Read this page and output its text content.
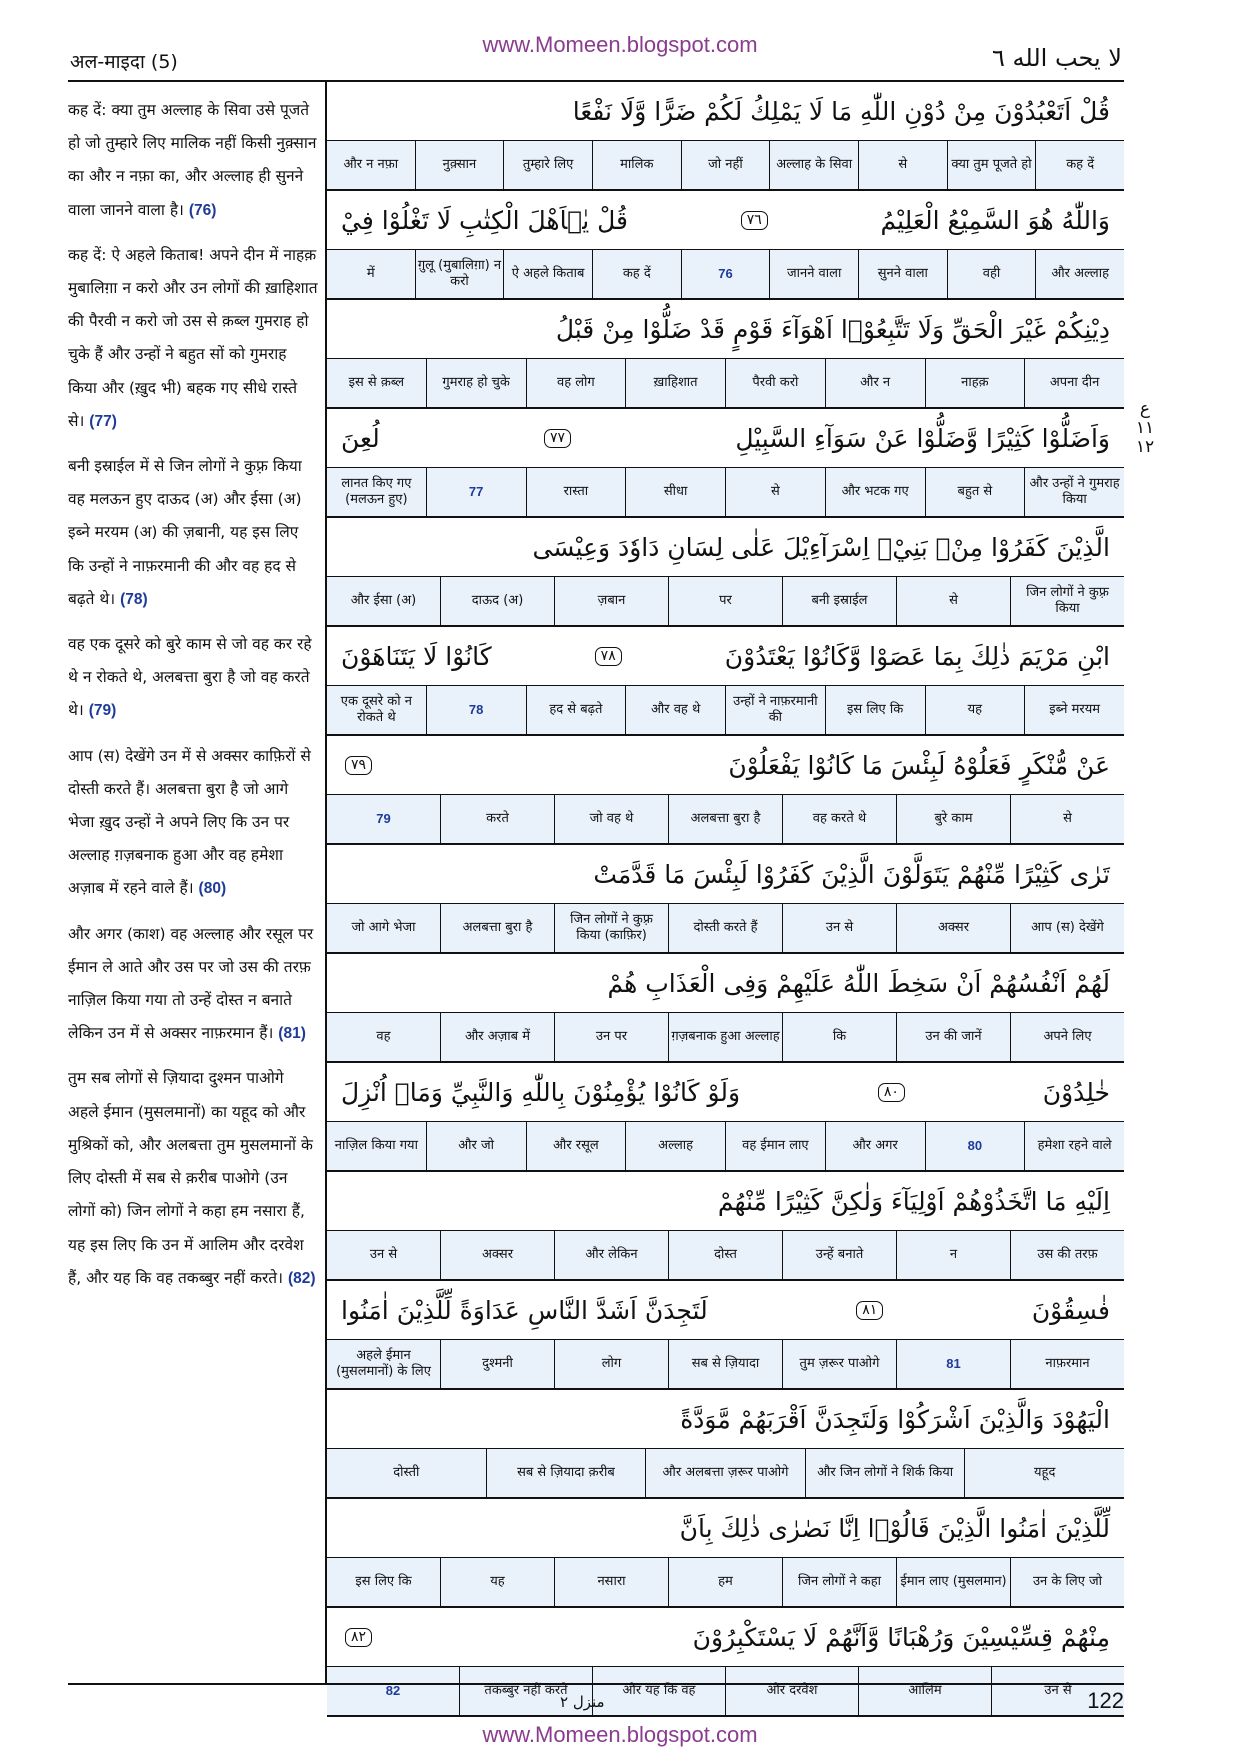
www.Momeen.blogspot.com
अल-माइदा (5)	لا يحب الله ٦

कह दें: क्या तुम अल्लाह के सिवा उसे पूजते हो जो तुम्हारे लिए मालिक नहीं किसी नुक़्सान का और न नफ़ा का, और अल्लाह ही सुनने वाला जानने वाला है। (76)

कह दें: ऐ अहले किताब! अपने दीन में नाहक़ मुबालिग़ा न करो और उन लोगों की ख़ाहिशात की पैरवी न करो जो उस से क़ब्ल गुमराह हो चुके हैं और उन्हों ने बहुत सों को गुमराह किया और (ख़ुद भी) बहक गए सीधे रास्ते से। (77)

बनी इस्राईल में से जिन लोगों ने कुफ़्र किया वह मलऊन हुए दाऊद (अ) और ईसा (अ) इब्ने मरयम (अ) की ज़बानी, यह इस लिए कि उन्हों ने नाफ़रमानी की और वह हद से बढ़ते थे। (78)

वह एक दूसरे को बुरे काम से जो वह कर रहे थे न रोकते थे, अलबत्ता बुरा है जो वह करते थे। (79)

आप (स) देखेंगे उन में से अक्सर काफ़िरों से दोस्ती करते हैं। अलबत्ता बुरा है जो आगे भेजा ख़ुद उन्हों ने अपने लिए कि उन पर अल्लाह ग़ज़बनाक हुआ और वह हमेशा अज़ाब में रहने वाले हैं। (80)

और अगर (काश) वह अल्लाह और रसूल पर ईमान ले आते और उस पर जो उस की तरफ़ नाज़िल किया गया तो उन्हें दोस्त न बनाते लेकिन उन में से अक्सर नाफ़रमान हैं। (81)

तुम सब लोगों से ज़ियादा दुश्मन पाओगे अहले ईमान (मुसलमानों) का यहूद को और मुश्रिकों को, और अलबत्ता तुम मुसलमानों के लिए दोस्ती में सब से क़रीब पाओगे (उन लोगों को) जिन लोगों ने कहा हम नसारा हैं, यह इस लिए कि उन में आलिम और दरवेश हैं, और यह कि वह तकब्बुर नहीं करते। (82)

قُلْ اَتَعْبُدُوْنَ مِنْ دُوْنِ اللّٰهِ مَا لَا يَمْلِكُ لَكُمْ ضَرًّا وَّلَا نَفْعًا
कह दें
क्या तुम पूजते हो
से
अल्लाह के सिवा
जो नहीं
मालिक
तुम्हारे लिए
नुक़्सान
और न नफ़ा
وَاللّٰهُ هُوَ السَّمِيْعُ الْعَلِيْمُ
٧٦
قُلْ يٰۤاَهْلَ الْكِتٰبِ لَا تَغْلُوْا فِيْ
और अल्लाह
वही
सुनने वाला
जानने वाला
76
कह दें
ऐ अहले किताब
ग़ुलू (मुबालिग़ा) न करो
में
دِيْنِكُمْ غَيْرَ الْحَقِّ وَلَا تَتَّبِعُوْۤا اَهْوَآءَ قَوْمٍ قَدْ ضَلُّوْا مِنْ قَبْلُ
अपना दीन
नाहक़
और न
पैरवी करो
ख़ाहिशात
वह लोग
गुमराह हो चुके
इस से क़ब्ल
وَاَضَلُّوْا كَثِيْرًا وَّضَلُّوْا عَنْ سَوَآءِ السَّبِيْلِ
٧٧
لُعِنَ
और उन्हों ने गुमराह किया
बहुत से
और भटक गए
से
सीधा
रास्ता
77
लानत किए गए (मलऊन हुए)
الَّذِيْنَ كَفَرُوْا مِنْۢ بَنِيْۤ اِسْرَآءِيْلَ عَلٰى لِسَانِ دَاوٗدَ وَعِيْسَى
जिन लोगों ने कुफ़्र किया
से
बनी इस्राईल
पर
ज़बान
दाऊद (अ)
और ईसा (अ)
ابْنِ مَرْيَمَ ذٰلِكَ بِمَا عَصَوْا وَّكَانُوْا يَعْتَدُوْنَ
٧٨
كَانُوْا لَا يَتَنَاهَوْنَ
इब्ने मरयम
यह
इस लिए कि
उन्हों ने नाफ़रमानी की
और वह थे
हद से बढ़ते
78
एक दूसरे को न रोकते थे
عَنْ مُّنْكَرٍ فَعَلُوْهُ لَبِئْسَ مَا كَانُوْا يَفْعَلُوْنَ
٧٩
से
बुरे काम
वह करते थे
अलबत्ता बुरा है
जो वह थे
करते
79
تَرٰى كَثِيْرًا مِّنْهُمْ يَتَوَلَّوْنَ الَّذِيْنَ كَفَرُوْا لَبِئْسَ مَا قَدَّمَتْ
आप (स) देखेंगे
अक्सर
उन से
दोस्ती करते हैं
जिन लोगों ने कुफ़्र किया (काफ़िर)
अलबत्ता बुरा है
जो आगे भेजा
لَهُمْ اَنْفُسُهُمْ اَنْ سَخِطَ اللّٰهُ عَلَيْهِمْ وَفِى الْعَذَابِ هُمْ
अपने लिए
उन की जानें
कि
ग़ज़बनाक हुआ अल्लाह
उन पर
और अज़ाब में
वह
خٰلِدُوْنَ
٨٠
وَلَوْ كَانُوْا يُؤْمِنُوْنَ بِاللّٰهِ وَالنَّبِيِّ وَمَاۤ اُنْزِلَ
हमेशा रहने वाले
80
और अगर
वह ईमान लाए
अल्लाह
और रसूल
और जो
नाज़िल किया गया
اِلَيْهِ مَا اتَّخَذُوْهُمْ اَوْلِيَآءَ وَلٰكِنَّ كَثِيْرًا مِّنْهُمْ
उस की तरफ़
न
उन्हें बनाते
दोस्त
और लेकिन
अक्सर
उन से
فٰسِقُوْنَ
٨١
لَتَجِدَنَّ اَشَدَّ النَّاسِ عَدَاوَةً لِّلَّذِيْنَ اٰمَنُوا
नाफ़रमान
81
तुम ज़रूर पाओगे
सब से ज़ियादा
लोग
दुश्मनी
अहले ईमान (मुसलमानों) के लिए
الْيَهُوْدَ وَالَّذِيْنَ اَشْرَكُوْا وَلَتَجِدَنَّ اَقْرَبَهُمْ مَّوَدَّةً
यहूद
और जिन लोगों ने शिर्क किया
और अलबत्ता ज़रूर पाओगे
सब से ज़ियादा क़रीब
दोस्ती
لِّلَّذِيْنَ اٰمَنُوا الَّذِيْنَ قَالُوْۤا اِنَّا نَصٰرٰى ذٰلِكَ بِاَنَّ
उन के लिए जो
ईमान लाए (मुसलमान)
जिन लोगों ने कहा
हम
नसारा
यह
इस लिए कि
مِنْهُمْ قِسِّيْسِيْنَ وَرُهْبَانًا وَّاَنَّهُمْ لَا يَسْتَكْبِرُوْنَ
٨٢
उन से
आलिम
और दरवेश
और यह कि वह
तकब्बुर नहीं करते
82
ع ١١ ١٢
منزل ٢	122
www.Momeen.blogspot.com
